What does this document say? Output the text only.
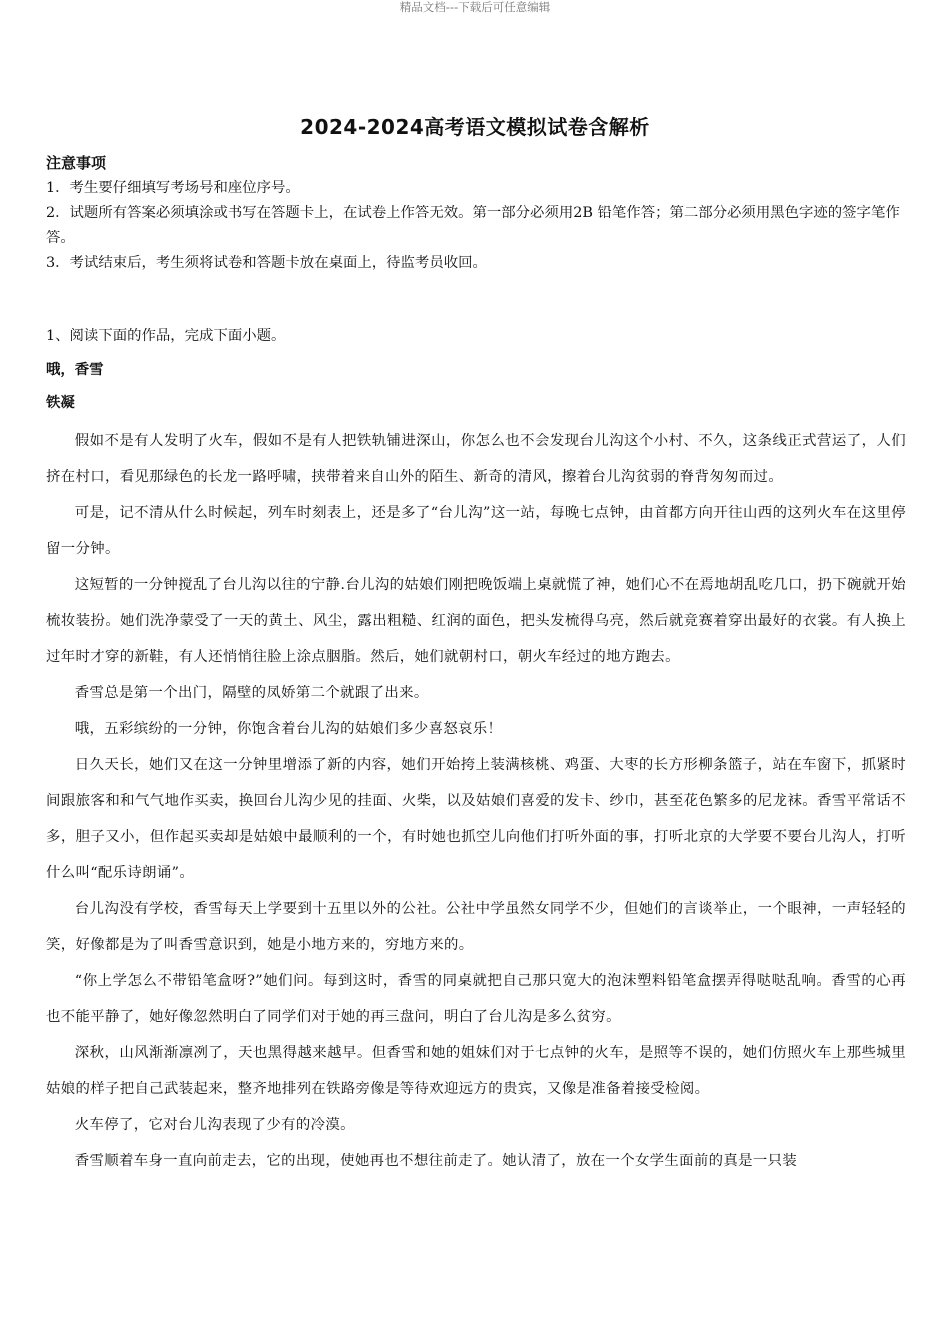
精品文档---下载后可任意编辑
2024-2024高考语文模拟试卷含解析

注意事项

1．考生要仔细填写考场号和座位序号。

2．试题所有答案必须填涂或书写在答题卡上，在试卷上作答无效。第一部分必须用2B 铅笔作答；第二部分必须用黑色字迹的签字笔作答。

3．考试结束后，考生须将试卷和答题卡放在桌面上，待监考员收回。

1、阅读下面的作品，完成下面小题。

哦，香雪

铁凝

假如不是有人发明了火车，假如不是有人把铁轨铺进深山，你怎么也不会发现台儿沟这个小村、不久，这条线正式营运了，人们挤在村口，看见那绿色的长龙一路呼啸，挟带着来自山外的陌生、新奇的清风，擦着台儿沟贫弱的脊背匆匆而过。

可是，记不清从什么时候起，列车时刻表上，还是多了“台儿沟”这一站，每晚七点钟，由首都方向开往山西的这列火车在这里停留一分钟。

这短暂的一分钟搅乱了台儿沟以往的宁静.台儿沟的姑娘们刚把晚饭端上桌就慌了神，她们心不在焉地胡乱吃几口，扔下碗就开始梳妆装扮。她们洗净蒙受了一天的黄土、风尘，露出粗糙、红润的面色，把头发梳得乌亮，然后就竞赛着穿出最好的衣裳。有人换上过年时才穿的新鞋，有人还悄悄往脸上涂点胭脂。然后，她们就朝村口，朝火车经过的地方跑去。

香雪总是第一个出门，隔壁的凤娇第二个就跟了出来。

哦，五彩缤纷的一分钟，你饱含着台儿沟的姑娘们多少喜怒哀乐！

日久天长，她们又在这一分钟里增添了新的内容，她们开始挎上装满核桃、鸡蛋、大枣的长方形柳条篮子，站在车窗下，抓紧时间跟旅客和和气气地作买卖，换回台儿沟少见的挂面、火柴，以及姑娘们喜爱的发卡、纱巾，甚至花色繁多的尼龙袜。香雪平常话不多，胆子又小，但作起买卖却是姑娘中最顺利的一个，有时她也抓空儿向他们打听外面的事，打听北京的大学要不要台儿沟人，打听什么叫“配乐诗朗诵”。

台儿沟没有学校，香雪每天上学要到十五里以外的公社。公社中学虽然女同学不少，但她们的言谈举止，一个眼神，一声轻轻的笑，好像都是为了叫香雪意识到，她是小地方来的，穷地方来的。

“你上学怎么不带铅笔盒呀?”她们问。每到这时，香雪的同桌就把自己那只宽大的泡沫塑料铅笔盒摆弄得哒哒乱响。香雪的心再也不能平静了，她好像忽然明白了同学们对于她的再三盘问，明白了台儿沟是多么贫穷。

深秋，山风渐渐凛冽了，天也黑得越来越早。但香雪和她的姐妹们对于七点钟的火车，是照等不误的，她们仿照火车上那些城里姑娘的样子把自己武装起来，整齐地排列在铁路旁像是等待欢迎远方的贵宾，又像是准备着接受检阅。

火车停了，它对台儿沟表现了少有的冷漠。

香雪顺着车身一直向前走去，它的出现，使她再也不想往前走了。她认清了，放在一个女学生面前的真是一只装
